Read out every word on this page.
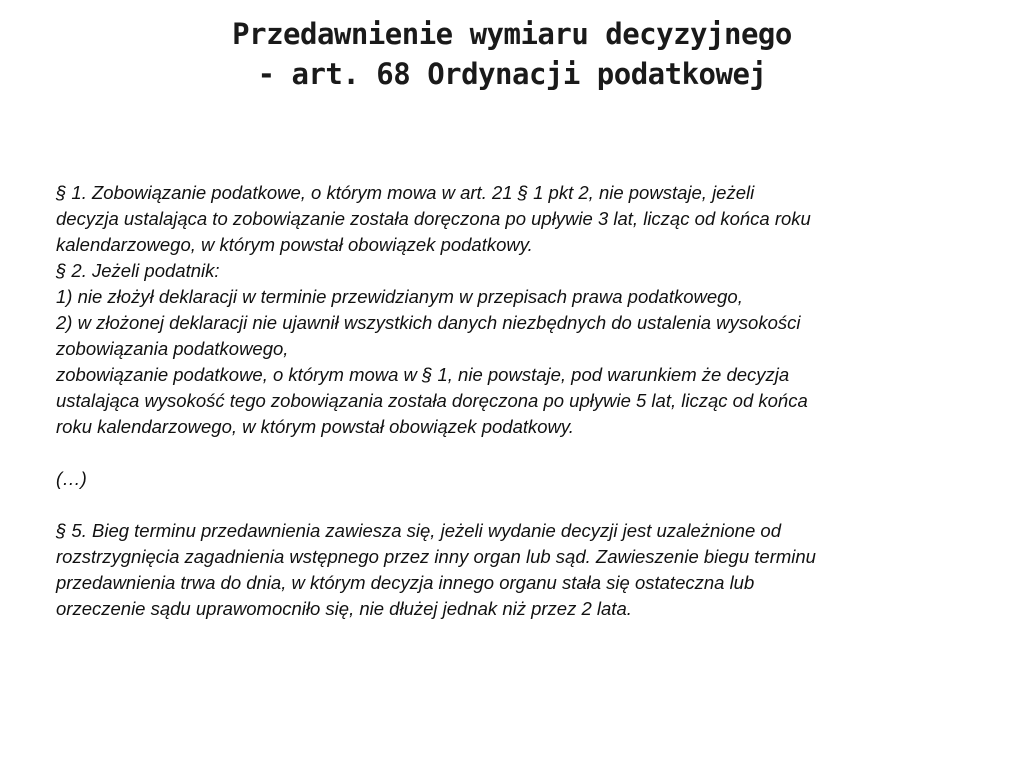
Przedawnienie wymiaru decyzyjnego
- art. 68 Ordynacji podatkowej
§ 1. Zobowiązanie podatkowe, o którym mowa w art. 21 § 1 pkt 2, nie powstaje, jeżeli
decyzja ustalająca to zobowiązanie została doręczona po upływie 3 lat, licząc od końca roku
kalendarzowego, w którym powstał obowiązek podatkowy.
§ 2. Jeżeli podatnik:
1) nie złożył deklaracji w terminie przewidzianym w przepisach prawa podatkowego,
2) w złożonej deklaracji nie ujawnił wszystkich danych niezbędnych do ustalenia wysokości
zobowiązania podatkowego,
zobowiązanie podatkowe, o którym mowa w § 1, nie powstaje, pod warunkiem że decyzja
ustalająca wysokość tego zobowiązania została doręczona po upływie 5 lat, licząc od końca
roku kalendarzowego, w którym powstał obowiązek podatkowy.
(…)
§ 5. Bieg terminu przedawnienia zawiesza się, jeżeli wydanie decyzji jest uzależnione od
rozstrzygnięcia zagadnienia wstępnego przez inny organ lub sąd. Zawieszenie biegu terminu
przedawnienia trwa do dnia, w którym decyzja innego organu stała się ostateczna lub
orzeczenie sądu uprawomocniło się, nie dłużej jednak niż przez 2 lata.
